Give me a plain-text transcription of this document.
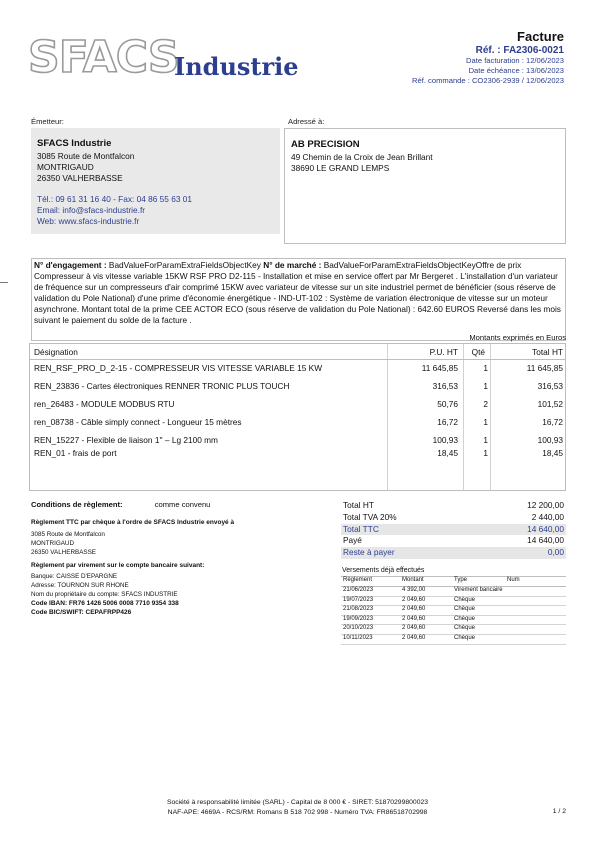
SFACS
Industrie
Facture
Réf. : FA2306-0021
Date facturation : 12/06/2023
Date échéance : 13/06/2023
Réf. commande : CO2306-2939 / 12/06/2023
Émetteur:	Adressé à:
SFACS Industrie
3085 Route de Montfalcon
MONTRIGAUD
26350 VALHERBASSE
Tél.: 09 61 31 16 40 - Fax: 04 86 55 63 01
Email: info@sfacs-industrie.fr
Web: www.sfacs-industrie.fr
AB PRECISION
49 Chemin de la Croix de Jean Brillant
38690 LE GRAND LEMPS
N° d'engagement : BadValueForParamExtraFieldsObjectKey N° de marché : BadValueForParamExtraFieldsObjectKeyOffre de prix Compresseur à vis vitesse variable 15KW RSF PRO D2-115 - Installation et mise en service offert par Mr Bergeret . L'installation d'un variateur de fréquence sur un compresseurs d'air comprimé 15KW avec variateur de vitesse sur un site industriel permet de bénéficier (sous réserve de validation du Pole National) d'une prime d'économie énergétique - IND-UT-102 : Système de variation électronique de vitesse sur un moteur asynchrone. Montant total de la prime CEE ACTOR ECO (sous réserve de validation du Pole National) : 642.60 EUROS Reversé dans les mois suivant le paiement du solde de la facture .
Montants exprimés en Euros
Désignation	P.U. HT Qté	Total HT
REN_RSF_PRO_D_2-15 - COMPRESSEUR VIS VITESSE VARIABLE 15 KW	11 645,85	1	11 645,85
REN_23836 - Cartes électroniques RENNER TRONIC PLUS TOUCH	316,53	1	316,53
ren_26483 - MODULE MODBUS RTU	50,76	2	101,52
ren_08738 - Câble simply connect - Longueur 15 mètres	16,72	1	16,72
REN_15227 - Flexible de liaison 1'' – Lg 2100 mm	100,93	1	100,93
REN_01 - frais de port	18,45	1	18,45
Conditions de règlement:	comme convenu
Règlement TTC par chèque à l'ordre de SFACS Industrie envoyé à
3085 Route de Montfalcon
MONTRIGAUD
26350 VALHERBASSE
Règlement par virement sur le compte bancaire suivant:
Banque: CAISSE D'EPARGNE
Adresse: TOURNON SUR RHONE
Nom du propriétaire du compte: SFACS INDUSTRIE
Code IBAN: FR76 1426 5006 0008 7710 9354 338
Code BIC/SWIFT: CEPAFRPP426
Total HT	12 200,00
Total TVA 20%	2 440,00
Total TTC	14 640,00
Payé	14 640,00
Reste à payer	0,00
Versements déjà effectués
Règlement	Montant	Type	Num
21/06/2023	4 392,00	Virement bancaire
19/07/2023	2 049,60	Chèque
21/08/2023	2 049,60	Chèque
19/09/2023	2 049,60	Chèque
20/10/2023	2 049,60	Chèque
10/11/2023	2 049,60	Chèque
Société à responsabilité limitée (SARL) - Capital de 8 000 € - SIRET: 51870299800023
NAF-APE: 4669A - RCS/RM: Romans B 518 702 998 - Numéro TVA: FR86518702998	1 / 2
